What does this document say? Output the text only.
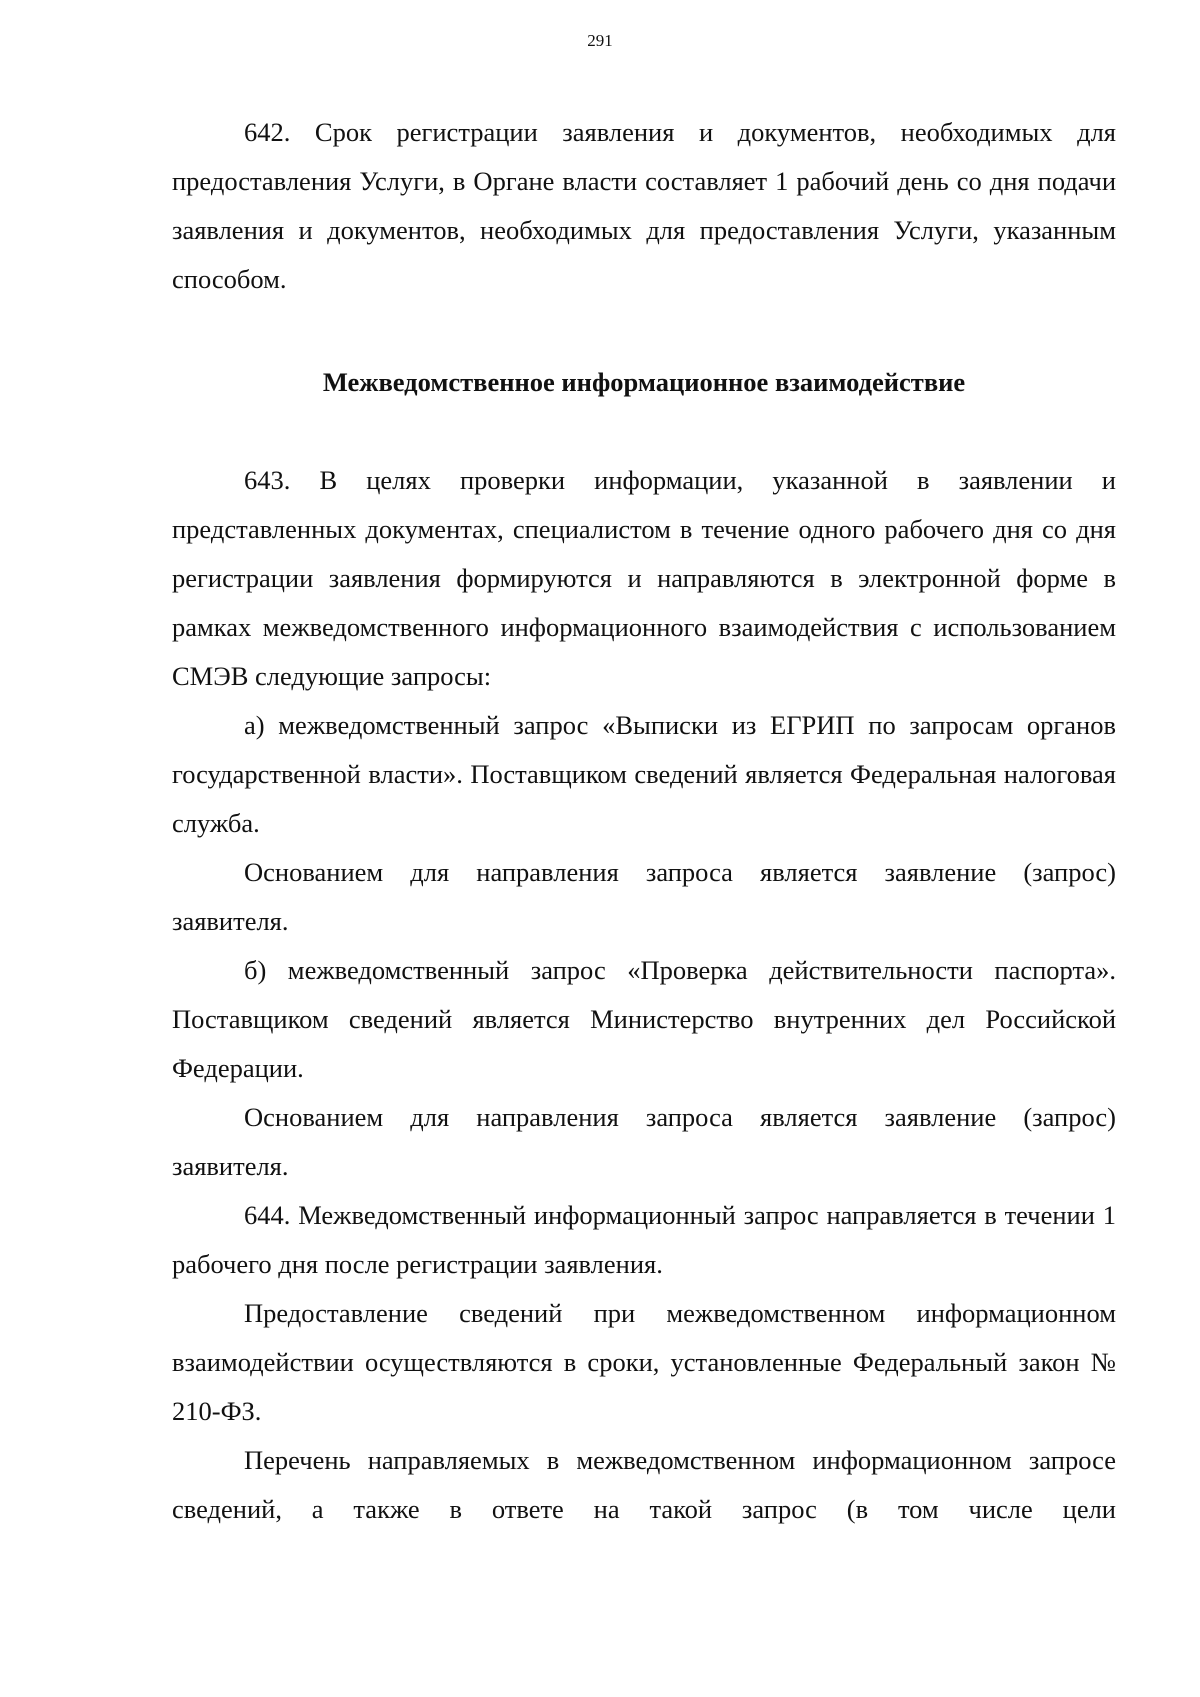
291

642. Срок регистрации заявления и документов, необходимых для предоставления Услуги, в Органе власти составляет 1 рабочий день со дня подачи заявления и документов, необходимых для предоставления Услуги, указанным способом.

Межведомственное информационное взаимодействие

643. В целях проверки информации, указанной в заявлении и представленных документах, специалистом в течение одного рабочего дня со дня регистрации заявления формируются и направляются в электронной форме в рамках межведомственного информационного взаимодействия с использованием СМЭВ следующие запросы:

а) межведомственный запрос «Выписки из ЕГРИП по запросам органов государственной власти». Поставщиком сведений является Федеральная налоговая служба.

Основанием для направления запроса является заявление (запрос) заявителя.

б) межведомственный запрос «Проверка действительности паспорта». Поставщиком сведений является Министерство внутренних дел Российской Федерации.

Основанием для направления запроса является заявление (запрос) заявителя.

644. Межведомственный информационный запрос направляется в течении 1 рабочего дня после регистрации заявления.

Предоставление сведений при межведомственном информационном взаимодействии осуществляются в сроки, установленные Федеральный закон № 210-ФЗ.

Перечень направляемых в межведомственном информационном запросе сведений, а также в ответе на такой запрос (в том числе цели
